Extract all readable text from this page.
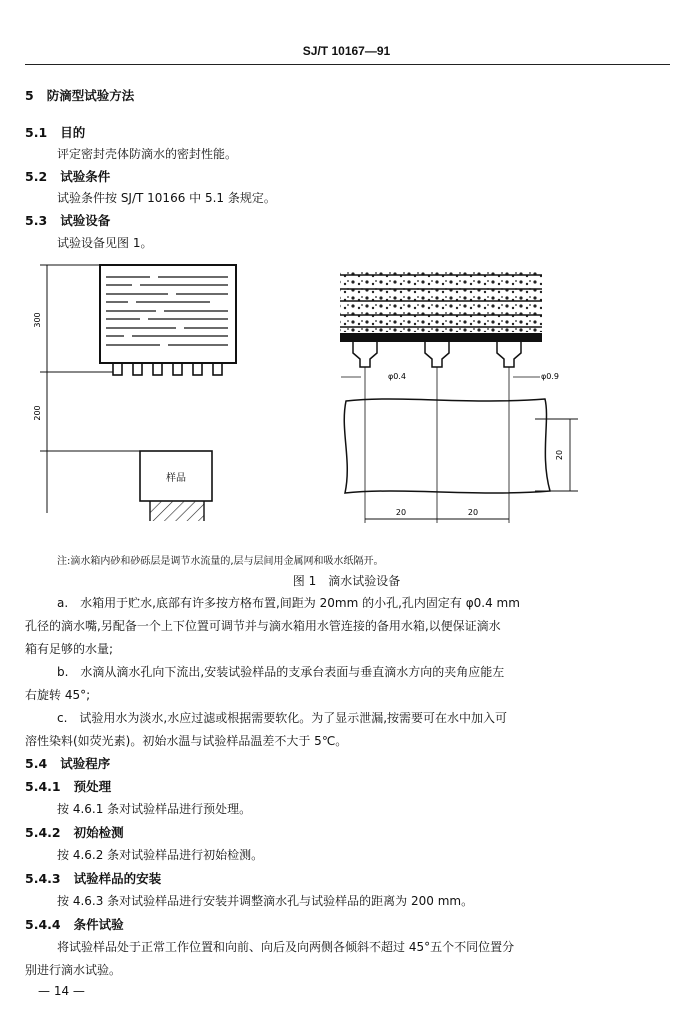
SJ/T 10167—91
5 防滴型试验方法
5.1 目的
评定密封壳体防滴水的密封性能。
5.2 试验条件
试验条件按 SJ/T 10166 中 5.1 条规定。
5.3 试验设备
试验设备见图 1。
300
200
样品
φ0.4	φ0.9
20
20	20
注:滴水箱内砂和砂砾层是调节水流量的,层与层间用金属网和吸水纸隔开。
图 1　滴水试验设备
a.　水箱用于贮水,底部有许多按方格布置,间距为 20mm 的小孔,孔内固定有 φ0.4 mm
孔径的滴水嘴,另配备一个上下位置可调节并与滴水箱用水管连接的备用水箱,以便保证滴水
箱有足够的水量;
b.　水滴从滴水孔向下流出,安装试验样品的支承台表面与垂直滴水方向的夹角应能左
右旋转 45°;
c.　试验用水为淡水,水应过滤或根据需要软化。为了显示泄漏,按需要可在水中加入可
溶性染料(如荧光素)。初始水温与试验样品温差不大于 5℃。
5.4 试验程序
5.4.1 预处理
按 4.6.1 条对试验样品进行预处理。
5.4.2 初始检测
按 4.6.2 条对试验样品进行初始检测。
5.4.3 试验样品的安装
按 4.6.3 条对试验样品进行安装并调整滴水孔与试验样品的距离为 200 mm。
5.4.4 条件试验
将试验样品处于正常工作位置和向前、向后及向两侧各倾斜不超过 45°五个不同位置分
别进行滴水试验。
— 14 —
